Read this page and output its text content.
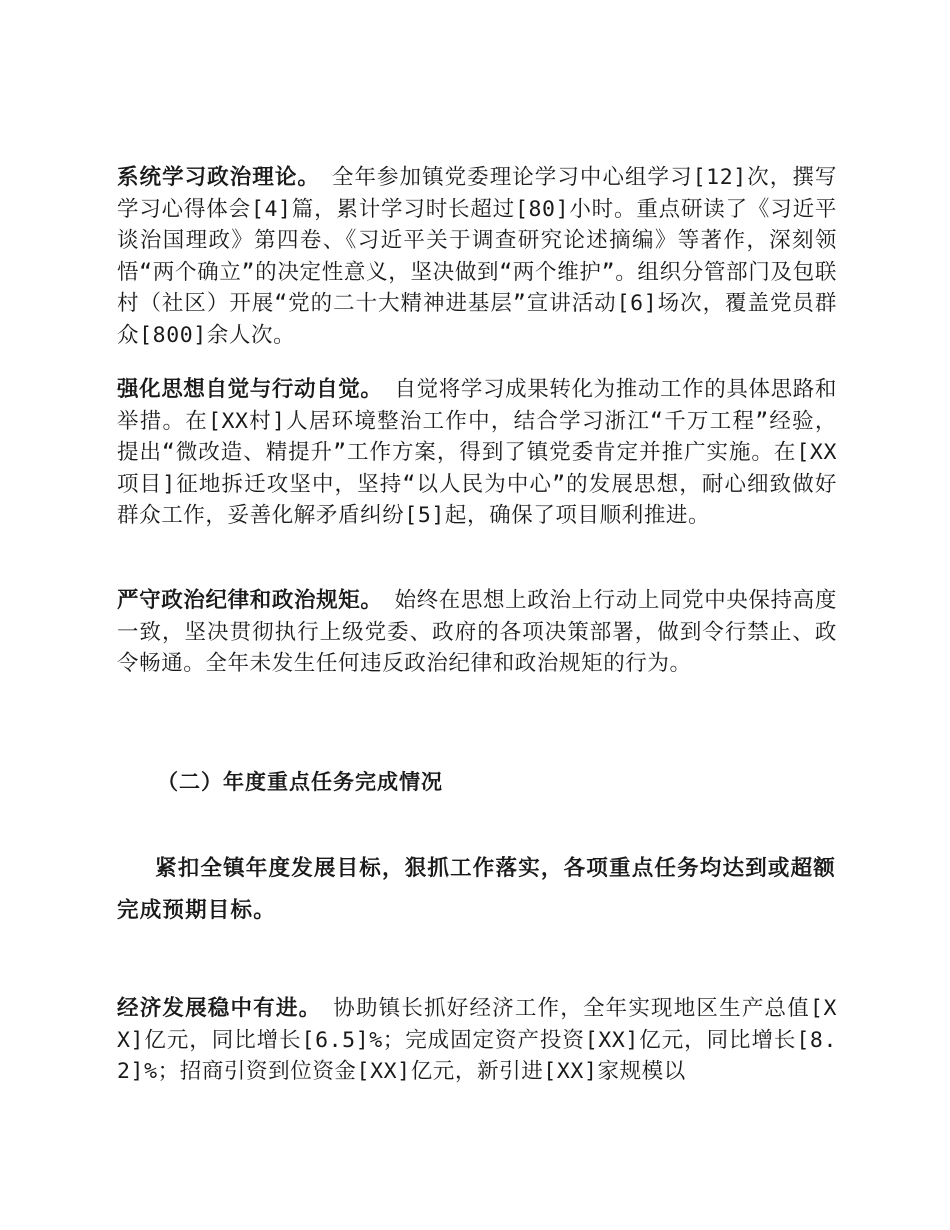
系统学习政治理论。 全年参加镇党委理论学习中心组学习[12]次，撰写学习心得体会[4]篇，累计学习时长超过[80]小时。重点研读了《习近平谈治国理政》第四卷、《习近平关于调查研究论述摘编》等著作，深刻领悟“两个确立”的决定性意义，坚决做到“两个维护”。组织分管部门及包联村（社区）开展“党的二十大精神进基层”宣讲活动[6]场次，覆盖党员群众[800]余人次。

强化思想自觉与行动自觉。 自觉将学习成果转化为推动工作的具体思路和举措。在[XX村]人居环境整治工作中，结合学习浙江“千万工程”经验，提出“微改造、精提升”工作方案，得到了镇党委肯定并推广实施。在[XX项目]征地拆迁攻坚中，坚持“以人民为中心”的发展思想，耐心细致做好群众工作，妥善化解矛盾纠纷[5]起，确保了项目顺利推进。

严守政治纪律和政治规矩。 始终在思想上政治上行动上同党中央保持高度一致，坚决贯彻执行上级党委、政府的各项决策部署，做到令行禁止、政令畅通。全年未发生任何违反政治纪律和政治规矩的行为。

（二）年度重点任务完成情况

紧扣全镇年度发展目标，狠抓工作落实，各项重点任务均达到或超额完成预期目标。

经济发展稳中有进。 协助镇长抓好经济工作，全年实现地区生产总值[XX]亿元，同比增长[6.5]%；完成固定资产投资[XX]亿元，同比增长[8.2]%；招商引资到位资金[XX]亿元，新引进[XX]家规模以
